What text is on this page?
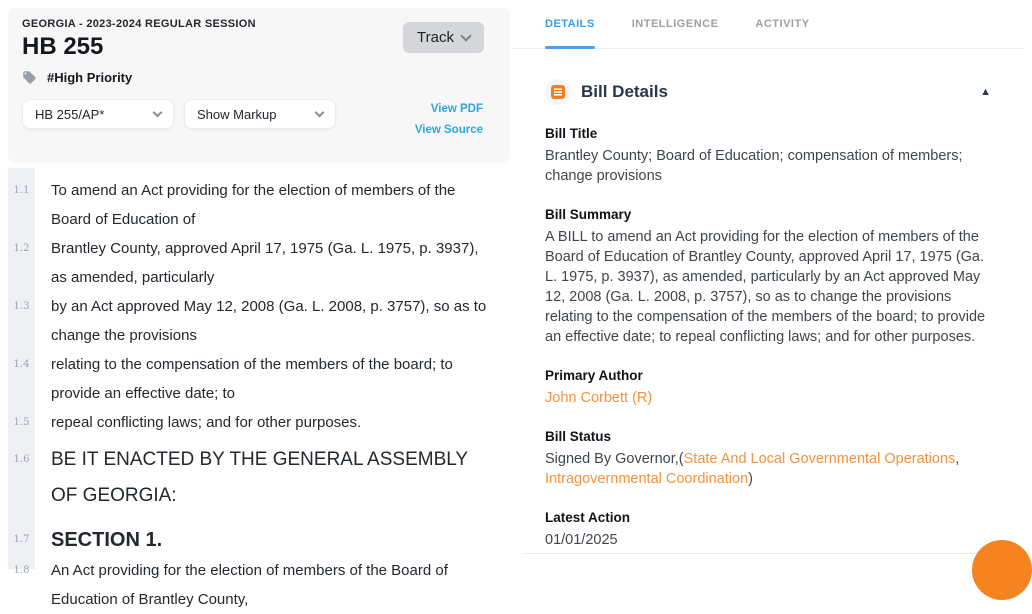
GEORGIA - 2023-2024 REGULAR SESSION
HB 255	Track
#High Priority
HB 255/AP*	Show Markup	View PDF
View Source
1.1	To amend an Act providing for the election of members of the Board of Education of
1.2	Brantley County, approved April 17, 1975 (Ga. L. 1975, p. 3937), as amended, particularly
1.3	by an Act approved May 12, 2008 (Ga. L. 2008, p. 3757), so as to change the provisions
1.4	relating to the compensation of the members of the board; to provide an effective date; to
1.5	repeal conflicting laws; and for other purposes.
1.6	BE IT ENACTED BY THE GENERAL ASSEMBLY OF GEORGIA:
1.7	SECTION 1.
1.8	An Act providing for the election of members of the Board of Education of Brantley County,
DETAILS	INTELLIGENCE	ACTIVITY
Bill Details	▲
Bill Title
Brantley County; Board of Education; compensation of members; change provisions
Bill Summary
A BILL to amend an Act providing for the election of members of the Board of Education of Brantley County, approved April 17, 1975 (Ga. L. 1975, p. 3937), as amended, particularly by an Act approved May 12, 2008 (Ga. L. 2008, p. 3757), so as to change the provisions relating to the compensation of the members of the board; to provide an effective date; to repeal conflicting laws; and for other purposes.
Primary Author
John Corbett (R)
Bill Status
Signed By Governor,(State And Local Governmental Operations, Intragovernmental Coordination)
Latest Action
01/01/2025
